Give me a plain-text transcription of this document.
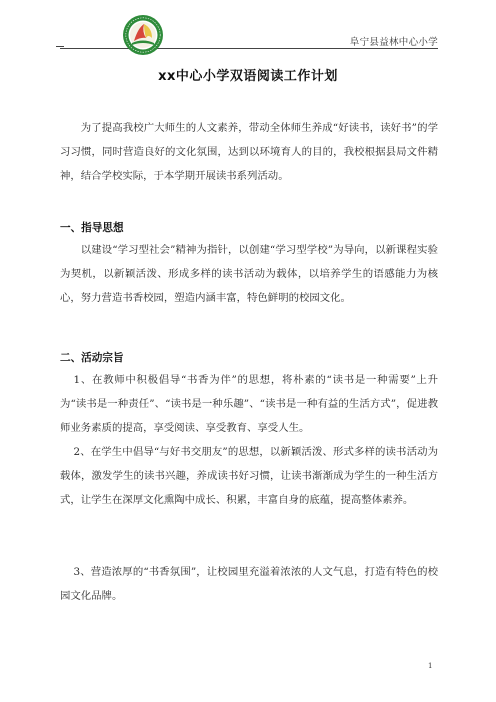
阜宁县益林中心小学
xx中心小学双语阅读工作计划

为了提高我校广大师生的人文素养，带动全体师生养成“好读书，读好书”的学习习惯，同时营造良好的文化氛围，达到以环境育人的目的，我校根据县局文件精神，结合学校实际，于本学期开展读书系列活动。

一、指导思想

以建设“学习型社会”精神为指针，以创建“学习型学校”为导向，以新课程实验为契机，以新颖活泼、形成多样的读书活动为载体，以培养学生的语感能力为核心，努力营造书香校园，塑造内涵丰富，特色鲜明的校园文化。

二、活动宗旨

1、在教师中积极倡导“书香为伴”的思想，将朴素的“读书是一种需要”上升为“读书是一种责任”、“读书是一种乐趣”、“读书是一种有益的生活方式”，促进教师业务素质的提高，享受阅读、享受教育、享受人生。

2、在学生中倡导“与好书交朋友”的思想，以新颖活泼、形式多样的读书活动为载体，激发学生的读书兴趣，养成读书好习惯，让读书渐渐成为学生的一种生活方式，让学生在深厚文化熏陶中成长、积累，丰富自身的底蕴，提高整体素养。

3、营造浓厚的“书香氛围”，让校园里充溢着浓浓的人文气息，打造有特色的校园文化品牌。

1
